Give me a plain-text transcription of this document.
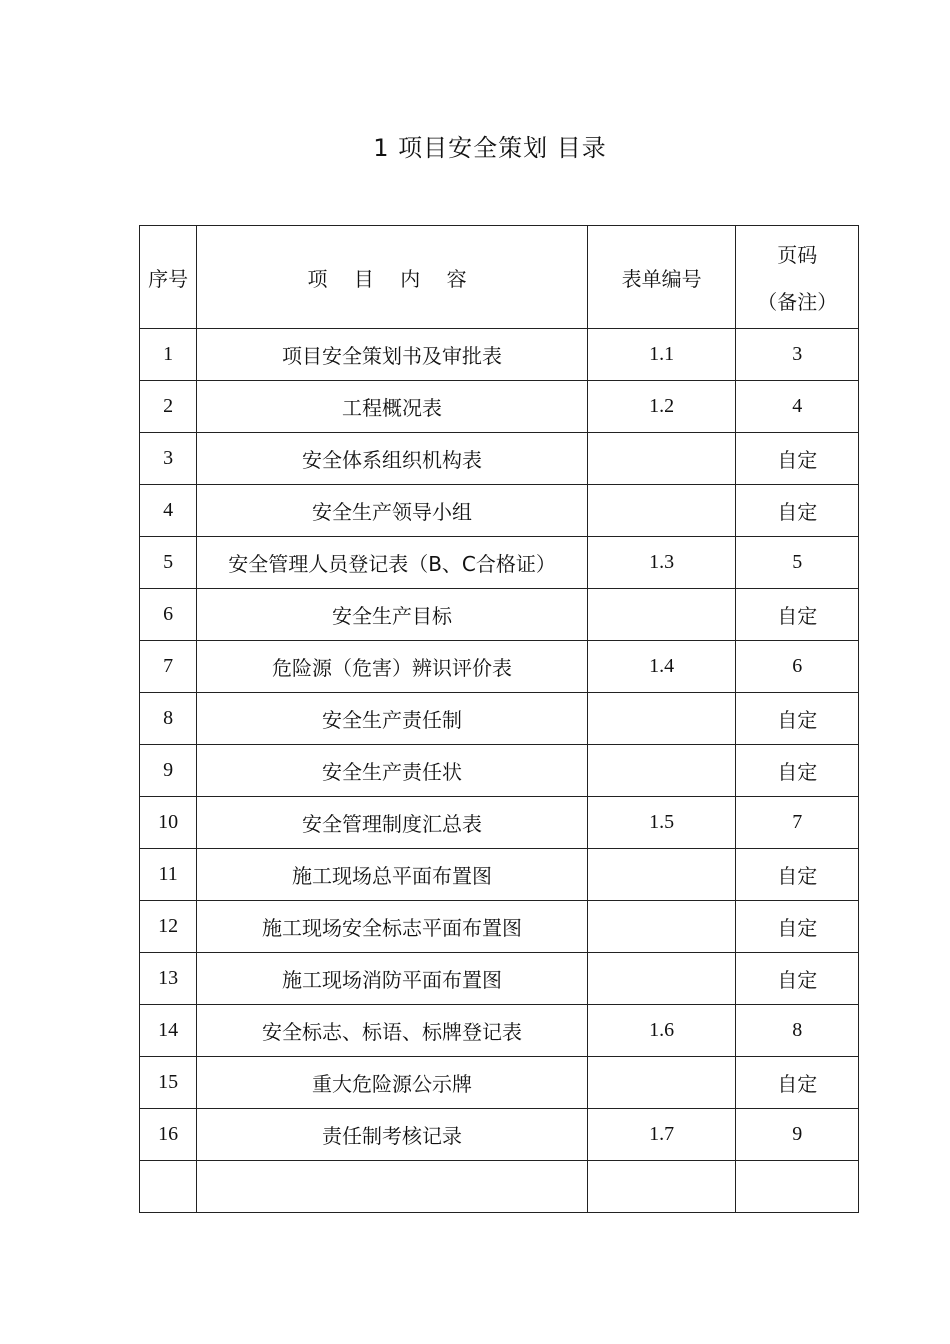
1 项目安全策划 目录
序号	项 目 内 容	表单编号	页码
（备注）

1	项目安全策划书及审批表	1.1	3
2	工程概况表	1.2	4
3	安全体系组织机构表		自定
4	安全生产领导小组		自定
5	安全管理人员登记表（B、C合格证）	1.3	5
6	安全生产目标		自定
7	危险源（危害）辨识评价表	1.4	6
8	安全生产责任制		自定
9	安全生产责任状		自定
10	安全管理制度汇总表	1.5	7
11	施工现场总平面布置图		自定
12	施工现场安全标志平面布置图		自定
13	施工现场消防平面布置图		自定
14	安全标志、标语、标牌登记表	1.6	8
15	重大危险源公示牌		自定
16	责任制考核记录	1.7	9
